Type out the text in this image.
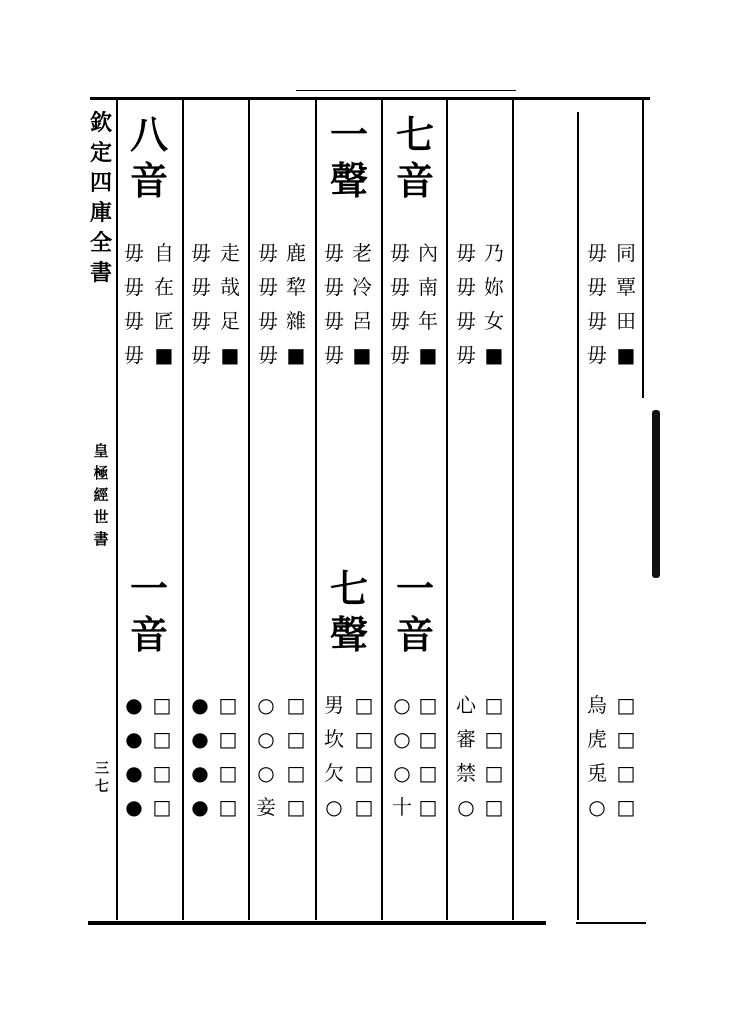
欽
定
四
庫
全
書
皇
極
經
世
書
三七
八
音
自
在
匠
■
毋
毋
毋
毋
一
音
□
□
□
□
●
●
●
●
走
哉
足
■
毋
毋
毋
毋
□
□
□
□
●
●
●
●
鹿
犂
雜
■
毋
毋
毋
毋
□
□
□
□
○
○
○
妾
一
聲
老
冷
呂
■
毋
毋
毋
毋
七
聲
□
□
□
□
男
坎
欠
○
七
音
內
南
年
■
毋
毋
毋
毋
一
音
□
□
□
□
○
○
○
十
乃
妳
女
■
毋
毋
毋
毋
□
□
□
□
心
審
禁
○
同
覃
田
■
毋
毋
毋
毋
□
□
□
□
烏
虎
兎
○
